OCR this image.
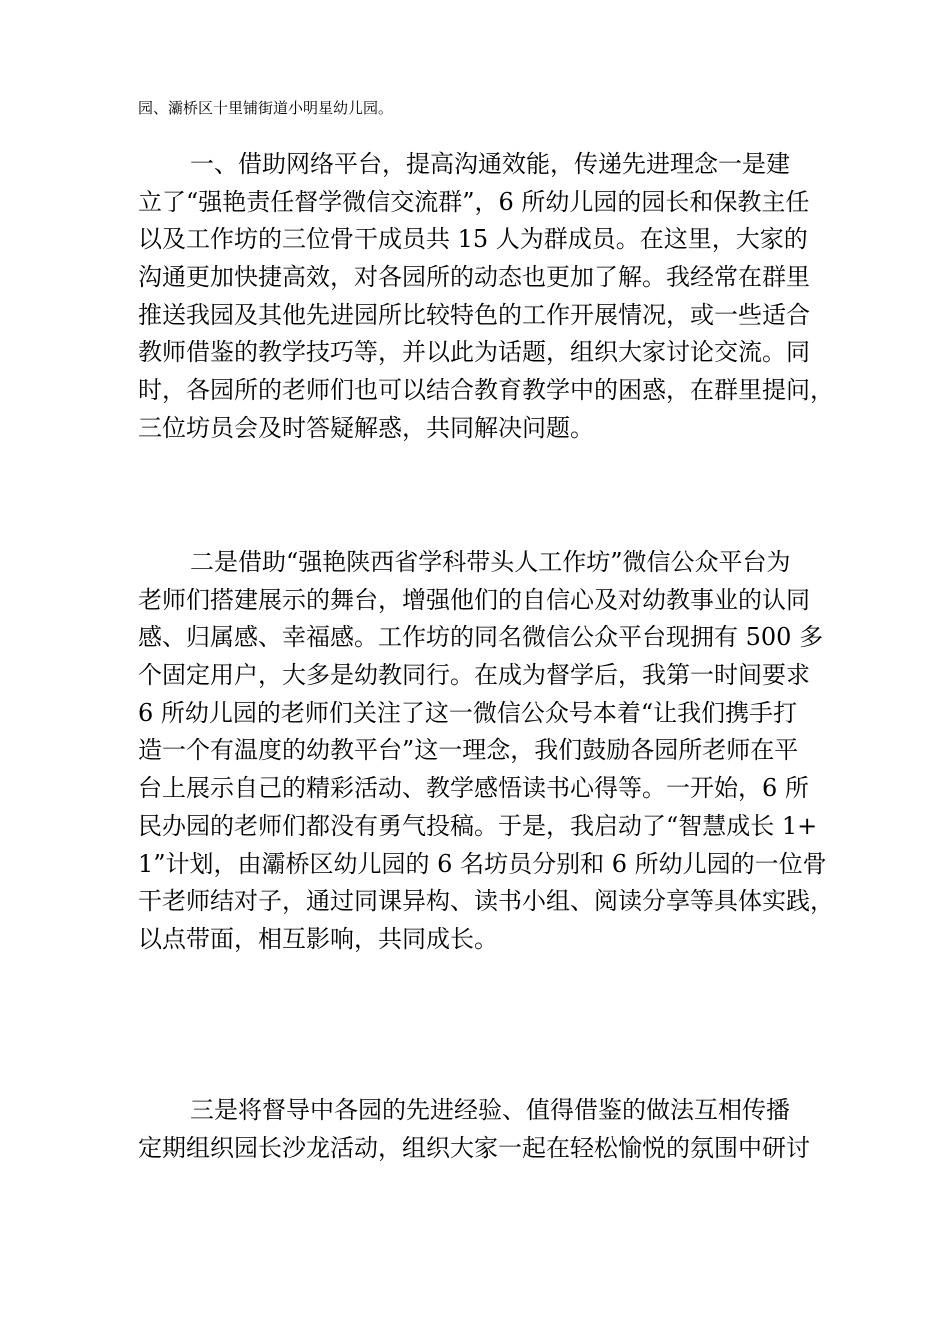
园、灞桥区十里铺街道小明星幼儿园。
一、借助网络平台，提高沟通效能，传递先进理念一是建
立了“强艳责任督学微信交流群”，6 所幼儿园的园长和保教主任
以及工作坊的三位骨干成员共 15 人为群成员。在这里，大家的
沟通更加快捷高效，对各园所的动态也更加了解。我经常在群里
推送我园及其他先进园所比较特色的工作开展情况，或一些适合
教师借鉴的教学技巧等，并以此为话题，组织大家讨论交流。同
时，各园所的老师们也可以结合教育教学中的困惑，在群里提问，
三位坊员会及时答疑解惑，共同解决问题。
二是借助“强艳陕西省学科带头人工作坊”微信公众平台为
老师们搭建展示的舞台，增强他们的自信心及对幼教事业的认同
感、归属感、幸福感。工作坊的同名微信公众平台现拥有 500 多
个固定用户，大多是幼教同行。在成为督学后，我第一时间要求
6 所幼儿园的老师们关注了这一微信公众号本着“让我们携手打
造一个有温度的幼教平台”这一理念，我们鼓励各园所老师在平
台上展示自己的精彩活动、教学感悟读书心得等。一开始，6 所
民办园的老师们都没有勇气投稿。于是，我启动了“智慧成长 1+
1”计划，由灞桥区幼儿园的 6 名坊员分别和 6 所幼儿园的一位骨
干老师结对子，通过同课异构、读书小组、阅读分享等具体实践，
以点带面，相互影响，共同成长。
三是将督导中各园的先进经验、值得借鉴的做法互相传播
定期组织园长沙龙活动，组织大家一起在轻松愉悦的氛围中研讨
